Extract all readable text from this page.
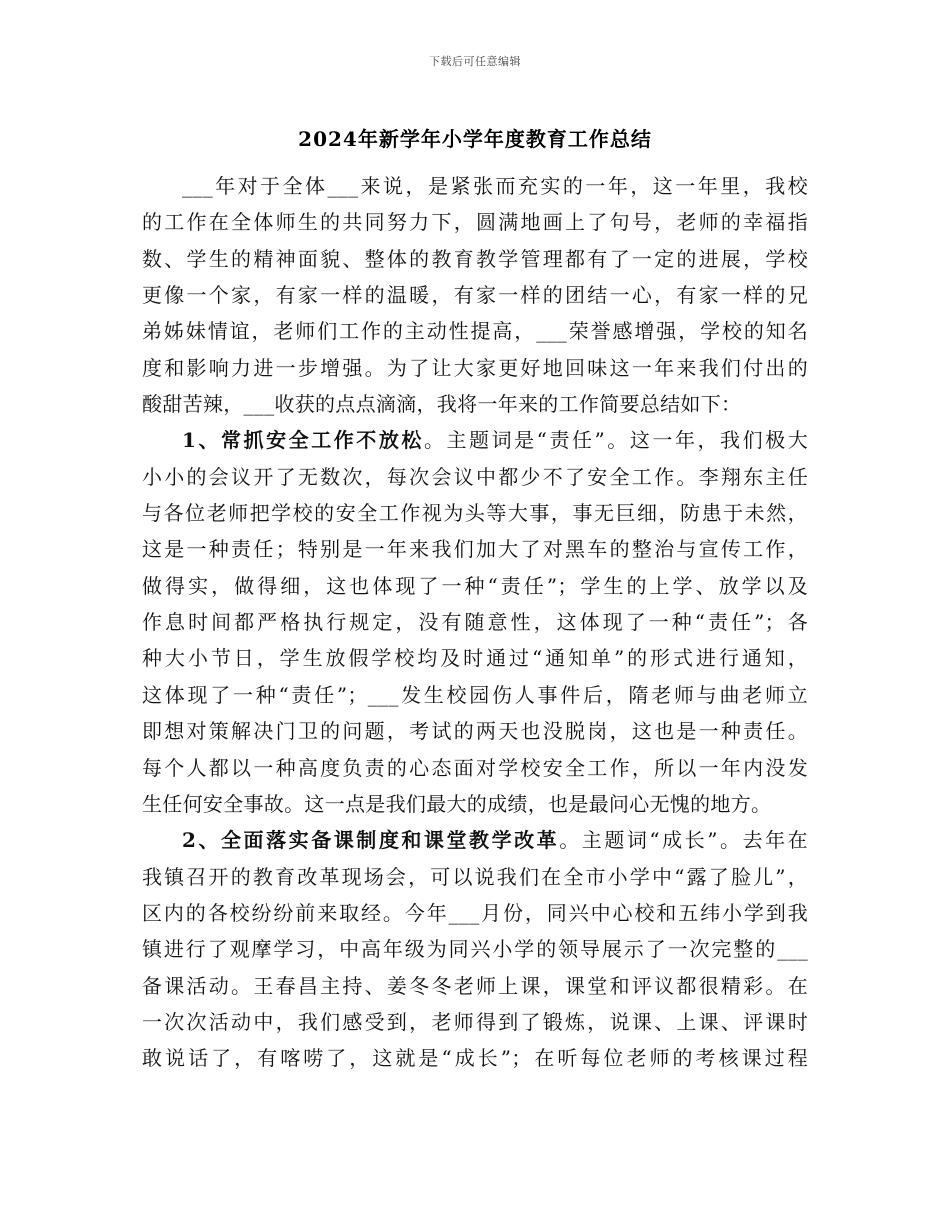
下载后可任意编辑
2024年新学年小学年度教育工作总结
___年对于全体___来说，是紧张而充实的一年，这一年里，我校
的工作在全体师生的共同努力下，圆满地画上了句号，老师的幸福指
数、学生的精神面貌、整体的教育教学管理都有了一定的进展，学校
更像一个家，有家一样的温暖，有家一样的团结一心，有家一样的兄
弟姊妹情谊，老师们工作的主动性提高，___荣誉感增强，学校的知名
度和影响力进一步增强。为了让大家更好地回味这一年来我们付出的
酸甜苦辣，___收获的点点滴滴，我将一年来的工作简要总结如下：
1、常抓安全工作不放松。主题词是“责任”。这一年，我们极大
小小的会议开了无数次，每次会议中都少不了安全工作。李翔东主任
与各位老师把学校的安全工作视为头等大事，事无巨细，防患于未然，
这是一种责任；特别是一年来我们加大了对黑车的整治与宣传工作，
做得实，做得细，这也体现了一种“责任”；学生的上学、放学以及
作息时间都严格执行规定，没有随意性，这体现了一种“责任”；各
种大小节日，学生放假学校均及时通过“通知单”的形式进行通知，
这体现了一种“责任”；___发生校园伤人事件后，隋老师与曲老师立
即想对策解决门卫的问题，考试的两天也没脱岗，这也是一种责任。
每个人都以一种高度负责的心态面对学校安全工作，所以一年内没发
生任何安全事故。这一点是我们最大的成绩，也是最问心无愧的地方。
2、全面落实备课制度和课堂教学改革。主题词“成长”。去年在
我镇召开的教育改革现场会，可以说我们在全市小学中“露了脸儿”，
区内的各校纷纷前来取经。今年___月份，同兴中心校和五纬小学到我
镇进行了观摩学习，中高年级为同兴小学的领导展示了一次完整的___
备课活动。王春昌主持、姜冬冬老师上课，课堂和评议都很精彩。在
一次次活动中，我们感受到，老师得到了锻炼，说课、上课、评课时
敢说话了，有喀唠了，这就是“成长”；在听每位老师的考核课过程
